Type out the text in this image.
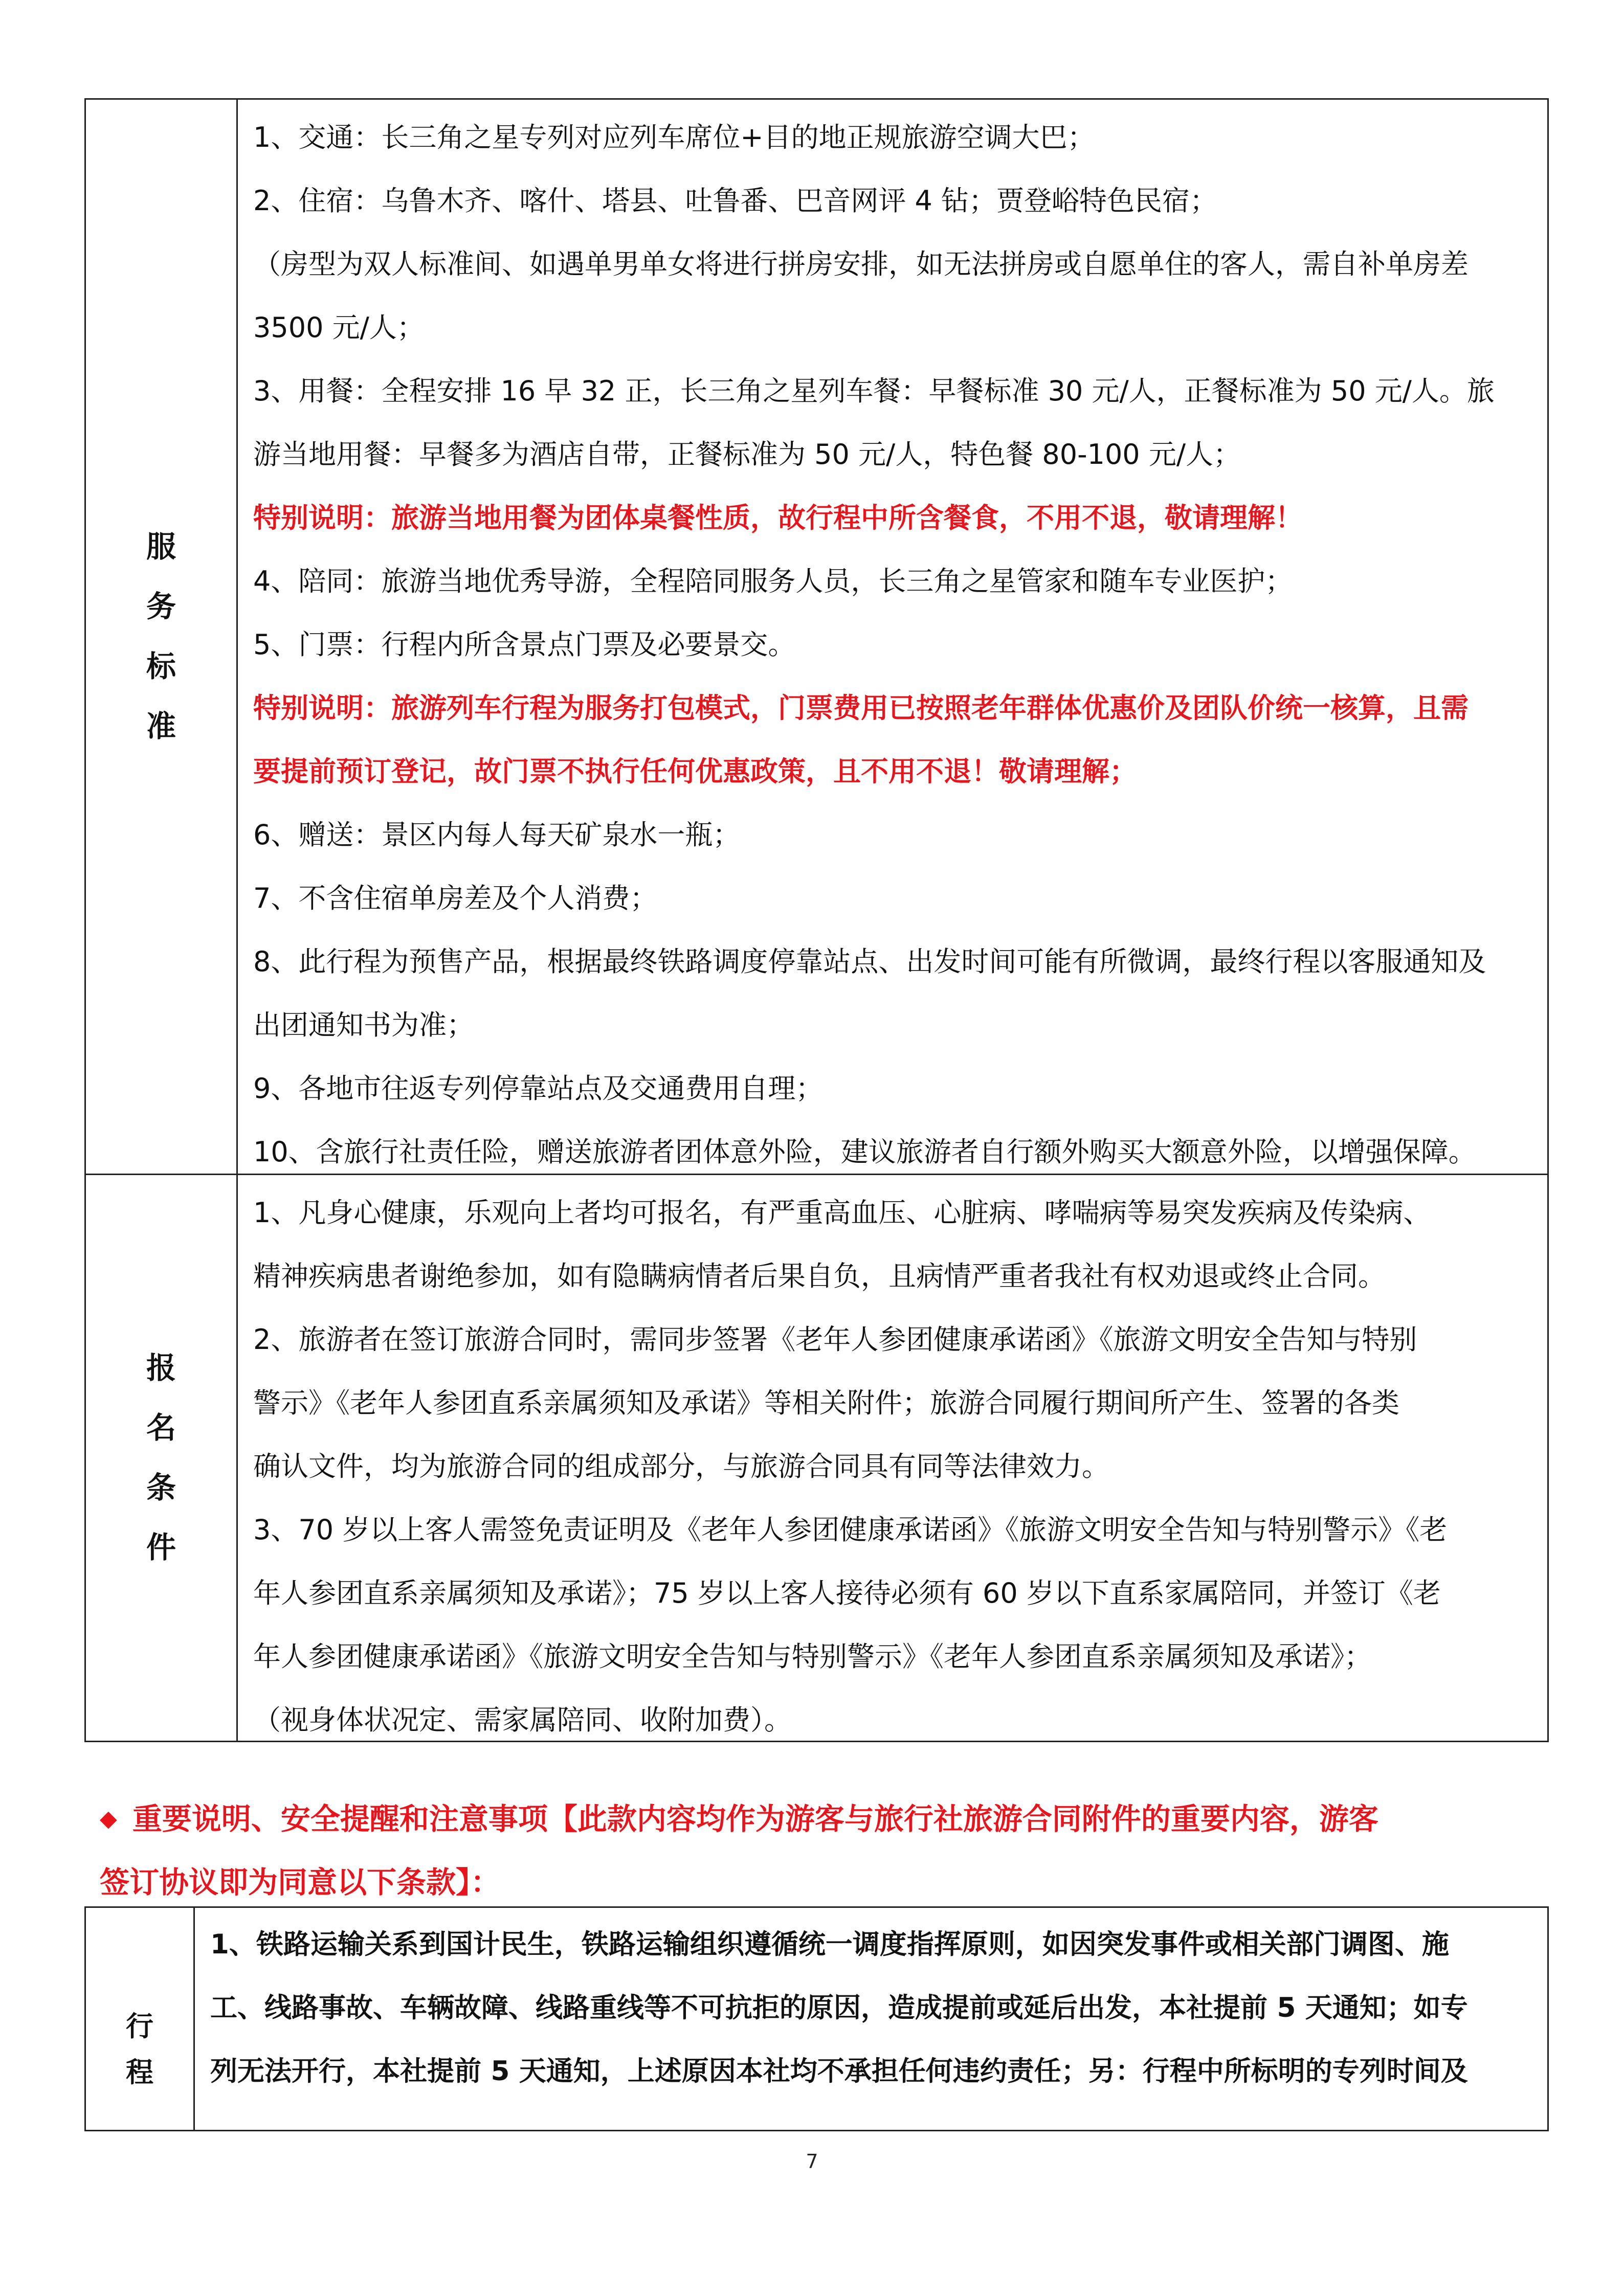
服
务
标
准
1、交通：长三角之星专列对应列车席位+目的地正规旅游空调大巴；
2、住宿：乌鲁木齐、喀什、塔县、吐鲁番、巴音网评 4 钻；贾登峪特色民宿；
（房型为双人标准间、如遇单男单女将进行拼房安排，如无法拼房或自愿单住的客人，需自补单房差
3500 元/人；
3、用餐：全程安排 16 早 32 正，长三角之星列车餐：早餐标准 30 元/人，正餐标准为 50 元/人。旅
游当地用餐：早餐多为酒店自带，正餐标准为 50 元/人，特色餐 80-100 元/人；
特别说明：旅游当地用餐为团体桌餐性质，故行程中所含餐食，不用不退，敬请理解！
4、陪同：旅游当地优秀导游，全程陪同服务人员，长三角之星管家和随车专业医护；
5、门票：行程内所含景点门票及必要景交。
特别说明：旅游列车行程为服务打包模式，门票费用已按照老年群体优惠价及团队价统一核算，且需
要提前预订登记，故门票不执行任何优惠政策，且不用不退！敬请理解；
6、赠送：景区内每人每天矿泉水一瓶；
7、不含住宿单房差及个人消费；
8、此行程为预售产品，根据最终铁路调度停靠站点、出发时间可能有所微调，最终行程以客服通知及
出团通知书为准；
9、各地市往返专列停靠站点及交通费用自理；
10、含旅行社责任险，赠送旅游者团体意外险，建议旅游者自行额外购买大额意外险，以增强保障。
报
名
条
件
1、凡身心健康，乐观向上者均可报名，有严重高血压、心脏病、哮喘病等易突发疾病及传染病、
精神疾病患者谢绝参加，如有隐瞒病情者后果自负，且病情严重者我社有权劝退或终止合同。
2、旅游者在签订旅游合同时，需同步签署《老年人参团健康承诺函》《旅游文明安全告知与特别
警示》《老年人参团直系亲属须知及承诺》等相关附件；旅游合同履行期间所产生、签署的各类
确认文件，均为旅游合同的组成部分，与旅游合同具有同等法律效力。
3、70 岁以上客人需签免责证明及《老年人参团健康承诺函》《旅游文明安全告知与特别警示》《老
年人参团直系亲属须知及承诺》；75 岁以上客人接待必须有 60 岁以下直系家属陪同，并签订《老
年人参团健康承诺函》《旅游文明安全告知与特别警示》《老年人参团直系亲属须知及承诺》；
（视身体状况定、需家属陪同、收附加费）。
◆ 重要说明、安全提醒和注意事项【此款内容均作为游客与旅行社旅游合同附件的重要内容，游客
签订协议即为同意以下条款】：
行
程
1、铁路运输关系到国计民生，铁路运输组织遵循统一调度指挥原则，如因突发事件或相关部门调图、施
工、线路事故、车辆故障、线路重线等不可抗拒的原因，造成提前或延后出发，本社提前 5 天通知；如专
列无法开行，本社提前 5 天通知，上述原因本社均不承担任何违约责任；另：行程中所标明的专列时间及
7
